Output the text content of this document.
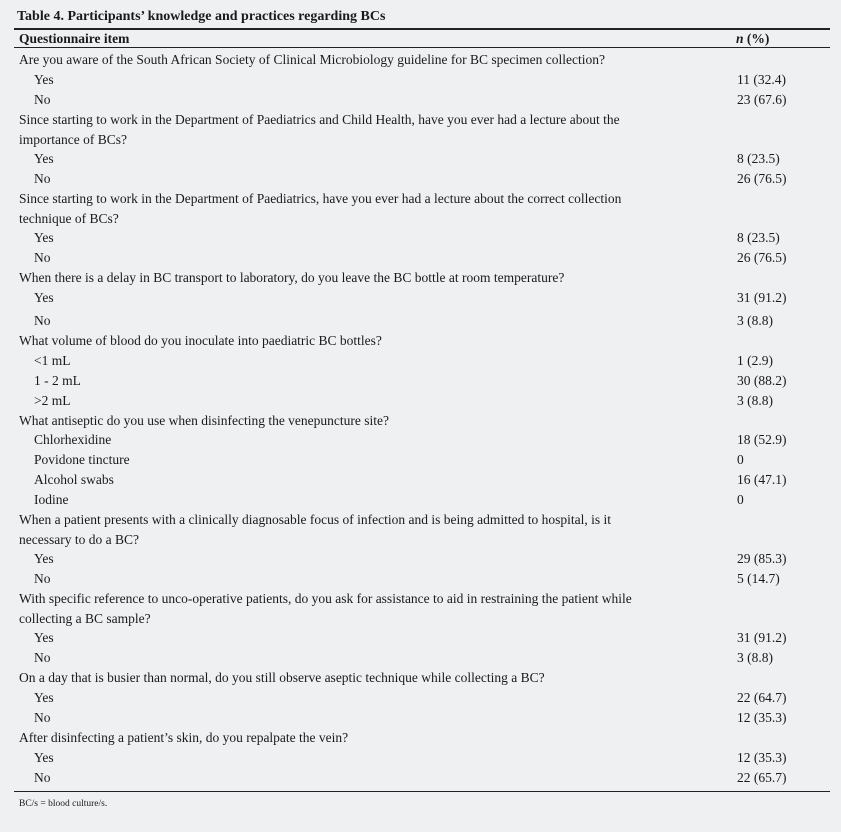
Table 4. Participants’ knowledge and practices regarding BCs
Questionnaire item	n (%)
Are you aware of the South African Society of Clinical Microbiology guideline for BC specimen collection?
Yes	11 (32.4)
No	23 (67.6)
Since starting to work in the Department of Paediatrics and Child Health, have you ever had a lecture about the importance of BCs?
Yes	8 (23.5)
No	26 (76.5)
Since starting to work in the Department of Paediatrics, have you ever had a lecture about the correct collection technique of BCs?
Yes	8 (23.5)
No	26 (76.5)
When there is a delay in BC transport to laboratory, do you leave the BC bottle at room temperature?
Yes	31 (91.2)
No	3 (8.8)
What volume of blood do you inoculate into paediatric BC bottles?
<1 mL	1 (2.9)
1 - 2 mL	30 (88.2)
>2 mL	3 (8.8)
What antiseptic do you use when disinfecting the venepuncture site?
Chlorhexidine	18 (52.9)
Povidone tincture	0
Alcohol swabs	16 (47.1)
Iodine	0
When a patient presents with a clinically diagnosable focus of infection and is being admitted to hospital, is it necessary to do a BC?
Yes	29 (85.3)
No	5 (14.7)
With specific reference to unco-operative patients, do you ask for assistance to aid in restraining the patient while collecting a BC sample?
Yes	31 (91.2)
No	3 (8.8)
On a day that is busier than normal, do you still observe aseptic technique while collecting a BC?
Yes	22 (64.7)
No	12 (35.3)
After disinfecting a patient’s skin, do you repalpate the vein?
Yes	12 (35.3)
No	22 (65.7)
BC/s = blood culture/s.
